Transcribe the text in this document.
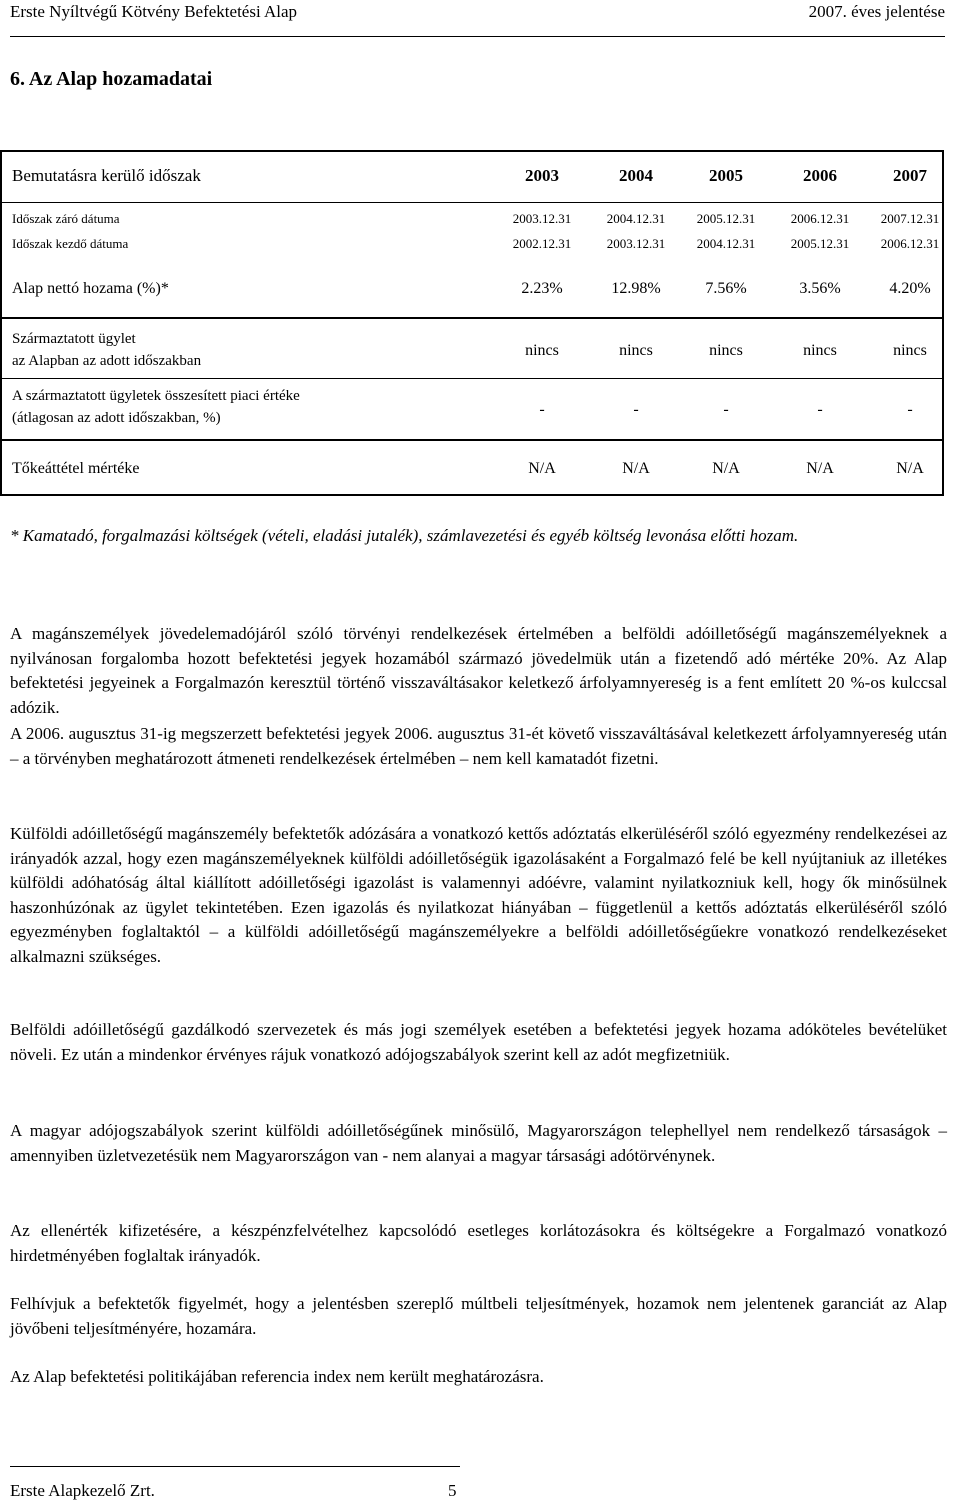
Erste Nyíltvégű Kötvény Befektetési Alap	2007. éves jelentése
6. Az Alap hozamadatai
Bemutatásra kerülő időszak	2003	2004	2005	2006	2007
Időszak záró dátuma	2003.12.31	2004.12.31	2005.12.31	2006.12.31	2007.12.31
Időszak kezdő dátuma	2002.12.31	2003.12.31	2004.12.31	2005.12.31	2006.12.31
Alap nettó hozama (%)*	2.23%	12.98%	7.56%	3.56%	4.20%
Származtatott ügylet
az Alapban az adott időszakban
nincs	nincs	nincs	nincs	nincs
A származtatott ügyletek összesített piaci értéke
(átlagosan az adott időszakban, %)	-	-	-	-	-
Tőkeáttétel mértéke	N/A	N/A	N/A	N/A	N/A
* Kamatadó, forgalmazási költségek (vételi, eladási jutalék), számlavezetési és egyéb költség levonása előtti hozam.
A magánszemélyek jövedelemadójáról szóló törvényi rendelkezések értelmében a belföldi adóilletőségű magánszemélyeknek a nyilvánosan forgalomba hozott befektetési jegyek hozamából származó jövedelmük után a fizetendő adó mértéke 20%. Az Alap befektetési jegyeinek a Forgalmazón keresztül történő visszaváltásakor keletkező árfolyamnyereség is a fent említett 20 %-os kulccsal adózik.
A 2006. augusztus 31-ig megszerzett befektetési jegyek 2006. augusztus 31-ét követő visszaváltásával keletkezett árfolyamnyereség után – a törvényben meghatározott átmeneti rendelkezések értelmében – nem kell kamatadót fizetni.
Külföldi adóilletőségű magánszemély befektetők adózására a vonatkozó kettős adóztatás elkerüléséről szóló egyezmény rendelkezései az irányadók azzal, hogy ezen magánszemélyeknek külföldi adóilletőségük igazolásaként a Forgalmazó felé be kell nyújtaniuk az illetékes külföldi adóhatóság által kiállított adóilletőségi igazolást is valamennyi adóévre, valamint nyilatkozniuk kell, hogy ők minősülnek haszonhúzónak az ügylet tekintetében. Ezen igazolás és nyilatkozat hiányában – függetlenül a kettős adóztatás elkerüléséről szóló egyezményben foglaltaktól – a külföldi adóilletőségű magánszemélyekre a belföldi adóilletőségűekre vonatkozó rendelkezéseket alkalmazni szükséges.
Belföldi adóilletőségű gazdálkodó szervezetek és más jogi személyek esetében a befektetési jegyek hozama adóköteles bevételüket növeli. Ez után a mindenkor érvényes rájuk vonatkozó adójogszabályok szerint kell az adót megfizetniük.
A magyar adójogszabályok szerint külföldi adóilletőségűnek minősülő, Magyarországon telephellyel nem rendelkező társaságok – amennyiben üzletvezetésük nem Magyarországon van - nem alanyai a magyar társasági adótörvénynek.
Az ellenérték kifizetésére, a készpénzfelvételhez kapcsolódó esetleges korlátozásokra és költségekre a Forgalmazó vonatkozó hirdetményében foglaltak irányadók.
Felhívjuk a befektetők figyelmét, hogy a jelentésben szereplő múltbeli teljesítmények, hozamok nem jelentenek garanciát az Alap jövőbeni teljesítményére, hozamára.
Az Alap befektetési politikájában referencia index nem került meghatározásra.
Erste Alapkezelő Zrt.	5
